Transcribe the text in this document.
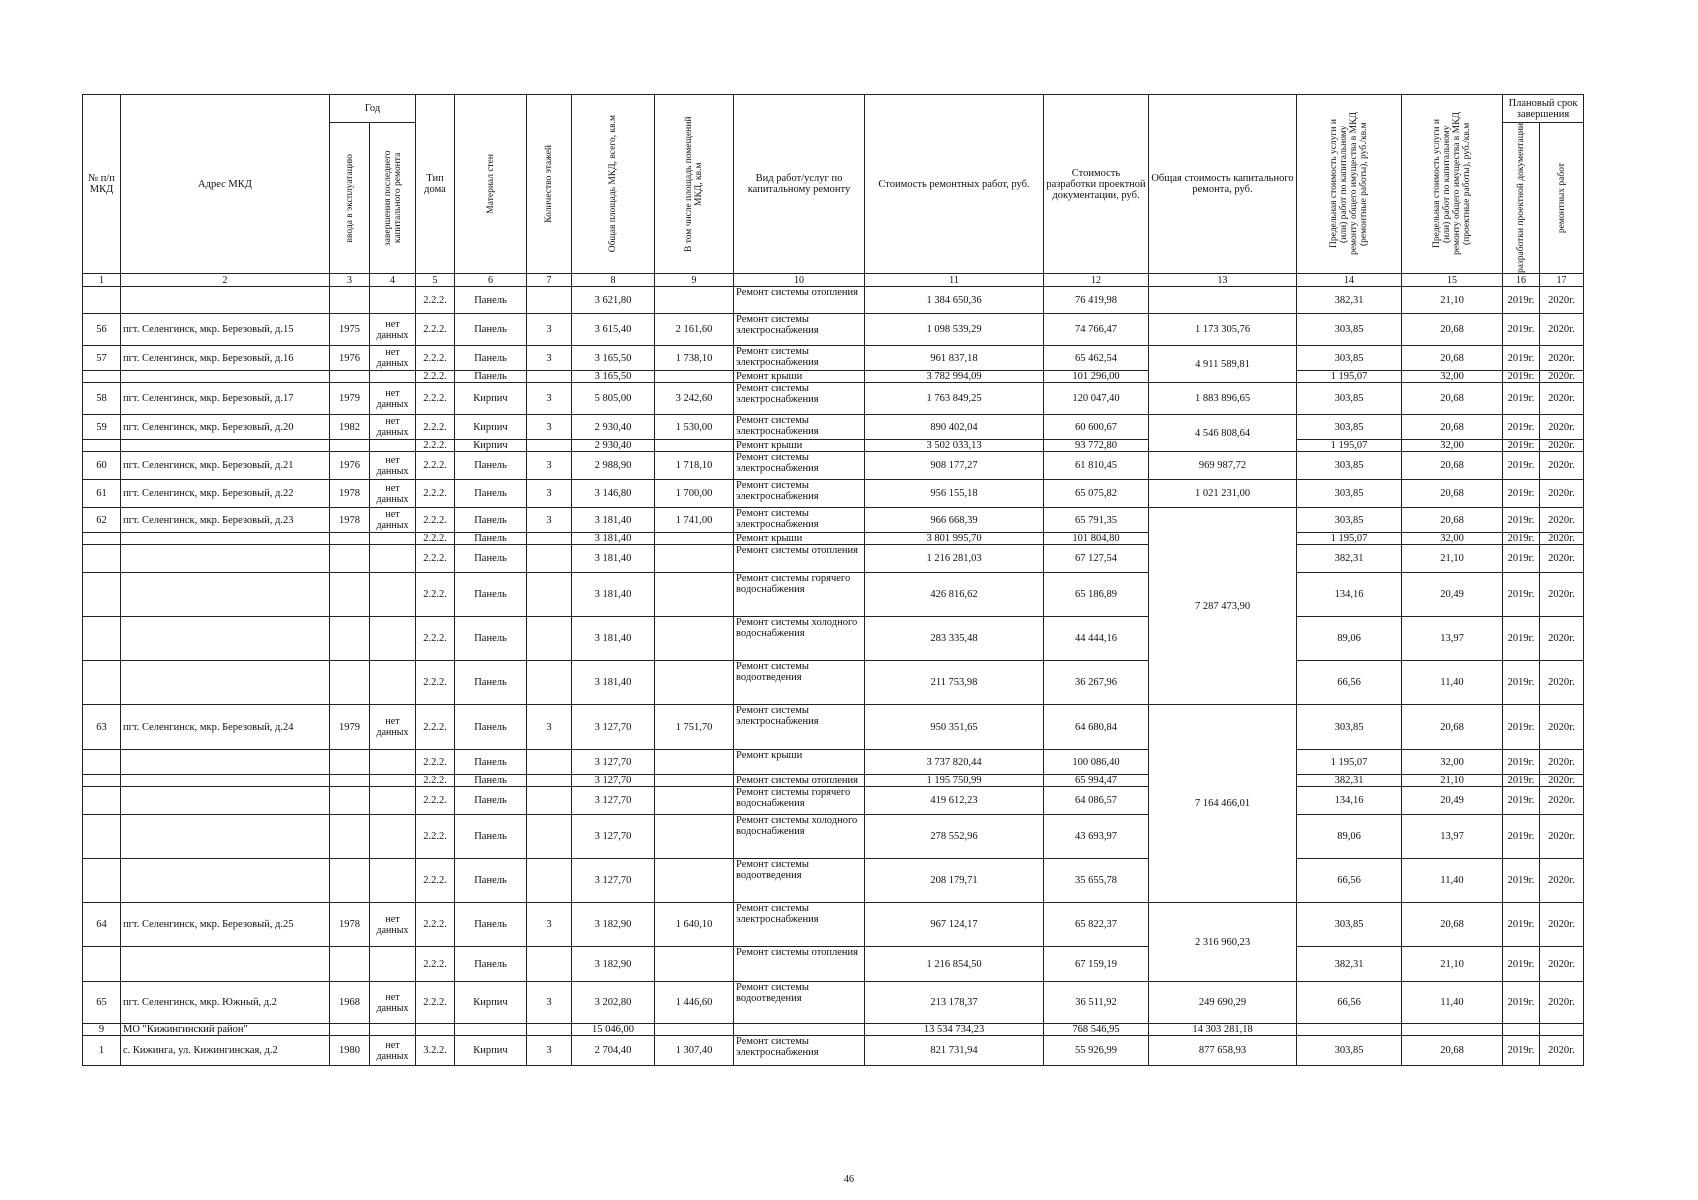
№ п/п МКД	Адрес МКД	Год		Тип дома	Материал стен	Количество этажей	Общая площадь МКД, всего, кв.м	В том числе площадь помещений МКД, кв.м	Вид работ/услуг по капитальному ремонту	Стоимость ремонтных работ, руб.	Стоимость разработки проектной документации, руб.	Общая стоимость капитального ремонта, руб.	Предельная стоимость услуги и (или) работ по капитальному ремонту общего имущества в МКД (ремонтные работы), руб./кв.м	Предельная стоимость услуги и (или) работ по капитальному ремонту общего имущества в МКД (проектные работы), руб./кв.м	Плановый срок завершения	

		ввода в эксплуатацию	завершения последнего капитального ремонта												разработки проектной документации	ремонтных работ

1	2	3	4	5	6	7	8	9	10	11	12	13	14	15	16	17
				2.2.2.	Панель		3 621,80		Ремонт системы отопления	1 384 650,36	76 419,98		382,31	21,10	2019г.	2020г.
56	пгт. Селенгинск, мкр. Березовый, д.15	1975	нет данных	2.2.2.	Панель	3	3 615,40	2 161,60	Ремонт системы электроснабжения	1 098 539,29	74 766,47	1 173 305,76	303,85	20,68	2019г.	2020г.
57	пгт. Селенгинск, мкр. Березовый, д.16	1976	нет данных	2.2.2.	Панель	3	3 165,50	1 738,10	Ремонт системы электроснабжения	961 837,18	65 462,54	4 911 589,81	303,85	20,68	2019г.	2020г.
				2.2.2.	Панель		3 165,50		Ремонт крыши	3 782 994,09	101 296,00		1 195,07	32,00	2019г.	2020г.
58	пгт. Селенгинск, мкр. Березовый, д.17	1979	нет данных	2.2.2.	Кирпич	3	5 805,00	3 242,60	Ремонт системы электроснабжения	1 763 849,25	120 047,40	1 883 896,65	303,85	20,68	2019г.	2020г.
59	пгт. Селенгинск, мкр. Березовый, д.20	1982	нет данных	2.2.2.	Кирпич	3	2 930,40	1 530,00	Ремонт системы электроснабжения	890 402,04	60 600,67	4 546 808,64	303,85	20,68	2019г.	2020г.
				2.2.2.	Кирпич		2 930,40		Ремонт крыши	3 502 033,13	93 772,80		1 195,07	32,00	2019г.	2020г.
60	пгт. Селенгинск, мкр. Березовый, д.21	1976	нет данных	2.2.2.	Панель	3	2 988,90	1 718,10	Ремонт системы электроснабжения	908 177,27	61 810,45	969 987,72	303,85	20,68	2019г.	2020г.
61	пгт. Селенгинск, мкр. Березовый, д.22	1978	нет данных	2.2.2.	Панель	3	3 146,80	1 700,00	Ремонт системы электроснабжения	956 155,18	65 075,82	1 021 231,00	303,85	20,68	2019г.	2020г.
62	пгт. Селенгинск, мкр. Березовый, д.23	1978	нет данных	2.2.2.	Панель	3	3 181,40	1 741,00	Ремонт системы электроснабжения	966 668,39	65 791,35	7 287 473,90	303,85	20,68	2019г.	2020г.
				2.2.2.	Панель		3 181,40		Ремонт крыши	3 801 995,70	101 804,80		1 195,07	32,00	2019г.	2020г.
				2.2.2.	Панель		3 181,40		Ремонт системы отопления	1 216 281,03	67 127,54		382,31	21,10	2019г.	2020г.
				2.2.2.	Панель		3 181,40		Ремонт системы горячего водоснабжения	426 816,62	65 186,89		134,16	20,49	2019г.	2020г.
				2.2.2.	Панель		3 181,40		Ремонт системы холодного водоснабжения	283 335,48	44 444,16		89,06	13,97	2019г.	2020г.
				2.2.2.	Панель		3 181,40		Ремонт системы водоотведения	211 753,98	36 267,96		66,56	11,40	2019г.	2020г.
63	пгт. Селенгинск, мкр. Березовый, д.24	1979	нет данных	2.2.2.	Панель	3	3 127,70	1 751,70	Ремонт системы электроснабжения	950 351,65	64 680,84	7 164 466,01	303,85	20,68	2019г.	2020г.
				2.2.2.	Панель		3 127,70		Ремонт крыши	3 737 820,44	100 086,40		1 195,07	32,00	2019г.	2020г.
				2.2.2.	Панель		3 127,70		Ремонт системы отопления	1 195 750,99	65 994,47		382,31	21,10	2019г.	2020г.
				2.2.2.	Панель		3 127,70		Ремонт системы горячего водоснабжения	419 612,23	64 086,57		134,16	20,49	2019г.	2020г.
				2.2.2.	Панель		3 127,70		Ремонт системы холодного водоснабжения	278 552,96	43 693,97		89,06	13,97	2019г.	2020г.
				2.2.2.	Панель		3 127,70		Ремонт системы водоотведения	208 179,71	35 655,78		66,56	11,40	2019г.	2020г.
64	пгт. Селенгинск, мкр. Березовый, д.25	1978	нет данных	2.2.2.	Панель	3	3 182,90	1 640,10	Ремонт системы электроснабжения	967 124,17	65 822,37	2 316 960,23	303,85	20,68	2019г.	2020г.
				2.2.2.	Панель		3 182,90		Ремонт системы отопления	1 216 854,50	67 159,19		382,31	21,10	2019г.	2020г.
65	пгт. Селенгинск, мкр. Южный, д.2	1968	нет данных	2.2.2.	Кирпич	3	3 202,80	1 446,60	Ремонт системы водоотведения	213 178,37	36 511,92	249 690,29	66,56	11,40	2019г.	2020г.
9	МО "Кижингинский район"						15 046,00			13 534 734,23	768 546,95	14 303 281,18				
1	с. Кижинга, ул. Кижингинская, д.2	1980	нет данных	3.2.2.	Кирпич	3	2 704,40	1 307,40	Ремонт системы электроснабжения	821 731,94	55 926,99	877 658,93	303,85	20,68	2019г.	2020г.
46
